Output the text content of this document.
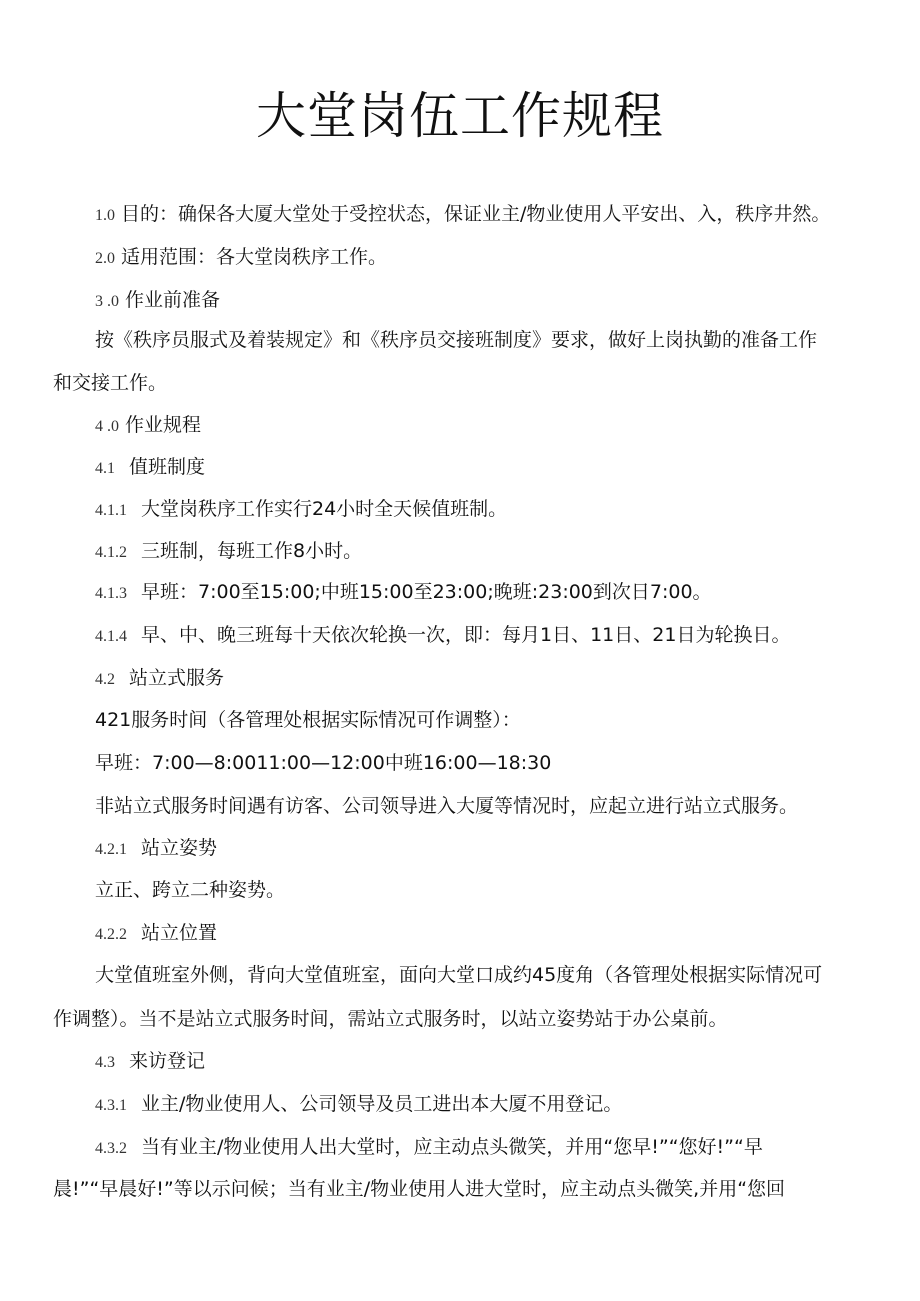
大堂岗伍工作规程
1.0 目的：确保各大厦大堂处于受控状态，保证业主/物业使用人平安出、入，秩序井然。
2.0 适用范围：各大堂岗秩序工作。
3 .0 作业前准备
按《秩序员服式及着装规定》和《秩序员交接班制度》要求，做好上岗执勤的准备工作
和交接工作。
4 .0 作业规程
4.1 值班制度
4.1.1 大堂岗秩序工作实行24小时全天候值班制。
4.1.2 三班制，每班工作8小时。
4.1.3 早班：7:00至15:00;中班15:00至23:00;晚班:23:00到次日7:00。
4.1.4 早、中、晚三班每十天依次轮换一次，即：每月1日、11日、21日为轮换日。
4.2 站立式服务
421服务时间（各管理处根据实际情况可作调整）：
早班：7:00—8:0011:00—12:00中班16:00—18:30
非站立式服务时间遇有访客、公司领导进入大厦等情况时，应起立进行站立式服务。
4.2.1 站立姿势
立正、跨立二种姿势。
4.2.2 站立位置
大堂值班室外侧，背向大堂值班室，面向大堂口成约45度角（各管理处根据实际情况可
作调整）。当不是站立式服务时间，需站立式服务时，以站立姿势站于办公桌前。
4.3 来访登记
4.3.1 业主/物业使用人、公司领导及员工进出本大厦不用登记。
4.3.2 当有业主/物业使用人出大堂时，应主动点头微笑，并用“您早!”“您好!”“早
晨!”“早晨好!”等以示问候；当有业主/物业使用人进大堂时，应主动点头微笑,并用“您回
